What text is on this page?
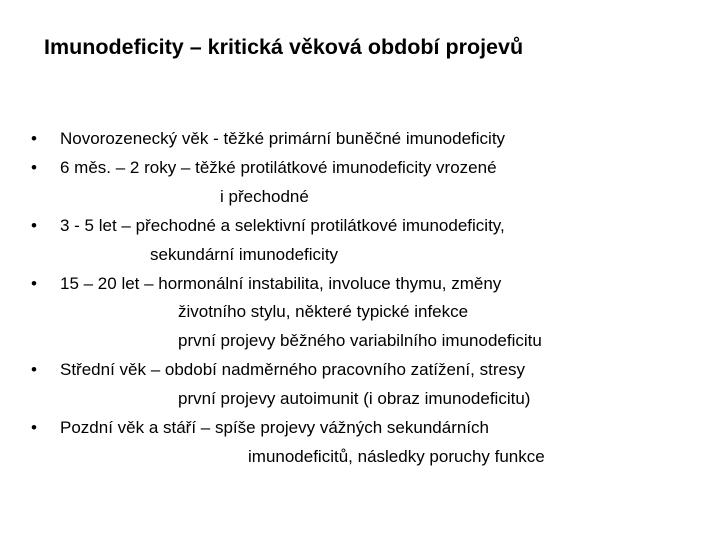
Imunodeficity – kritická věková období projevů
• Novorozenecký věk - těžké primární buněčné imunodeficity
• 6 měs. – 2 roky – těžké protilátkové imunodeficity vrozené
i přechodné
• 3 - 5 let – přechodné a selektivní protilátkové imunodeficity,
sekundární imunodeficity
• 15 – 20 let – hormonální instabilita, involuce thymu, změny
životního stylu, některé typické infekce
první projevy běžného variabilního imunodeficitu
• Střední věk – období nadměrného pracovního zatížení, stresy
první projevy autoimunit (i obraz imunodeficitu)
• Pozdní věk a stáří – spíše projevy vážných sekundárních
imunodeficitů, následky poruchy funkce
